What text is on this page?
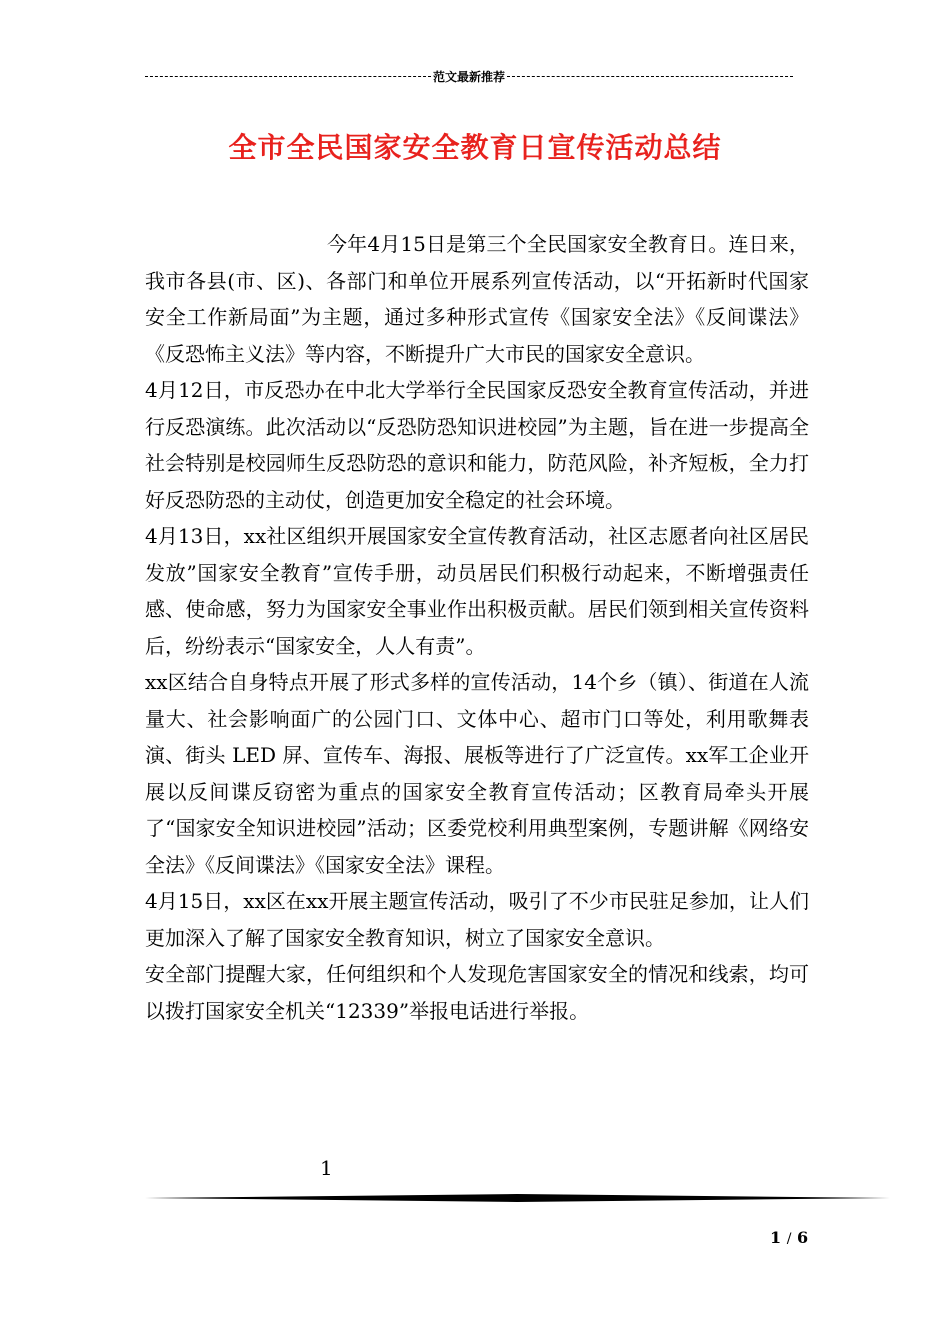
范文最新推荐
全市全民国家安全教育日宣传活动总结

今年4月15日是第三个全民国家安全教育日。连日来，我市各县(市、区)、各部门和单位开展系列宣传活动，以“开拓新时代国家安全工作新局面”为主题，通过多种形式宣传《国家安全法》《反间谍法》《反恐怖主义法》等内容，不断提升广大市民的国家安全意识。

4月12日，市反恐办在中北大学举行全民国家反恐安全教育宣传活动，并进行反恐演练。此次活动以“反恐防恐知识进校园”为主题，旨在进一步提高全社会特别是校园师生反恐防恐的意识和能力，防范风险，补齐短板，全力打好反恐防恐的主动仗，创造更加安全稳定的社会环境。

4月13日，xx社区组织开展国家安全宣传教育活动，社区志愿者向社区居民发放”国家安全教育”宣传手册，动员居民们积极行动起来，不断增强责任感、使命感，努力为国家安全事业作出积极贡献。居民们领到相关宣传资料后，纷纷表示“国家安全，人人有责”。

xx区结合自身特点开展了形式多样的宣传活动，14个乡（镇）、街道在人流量大、社会影响面广的公园门口、文体中心、超市门口等处，利用歌舞表演、街头 LED 屏、宣传车、海报、展板等进行了广泛宣传。xx军工企业开展以反间谍反窃密为重点的国家安全教育宣传活动；区教育局牵头开展了“国家安全知识进校园”活动；区委党校利用典型案例，专题讲解《网络安全法》《反间谍法》《国家安全法》课程。

4月15日，xx区在xx开展主题宣传活动，吸引了不少市民驻足参加，让人们更加深入了解了国家安全教育知识，树立了国家安全意识。

安全部门提醒大家，任何组织和个人发现危害国家安全的情况和线索，均可以拨打国家安全机关“12339”举报电话进行举报。

1
1 / 6
